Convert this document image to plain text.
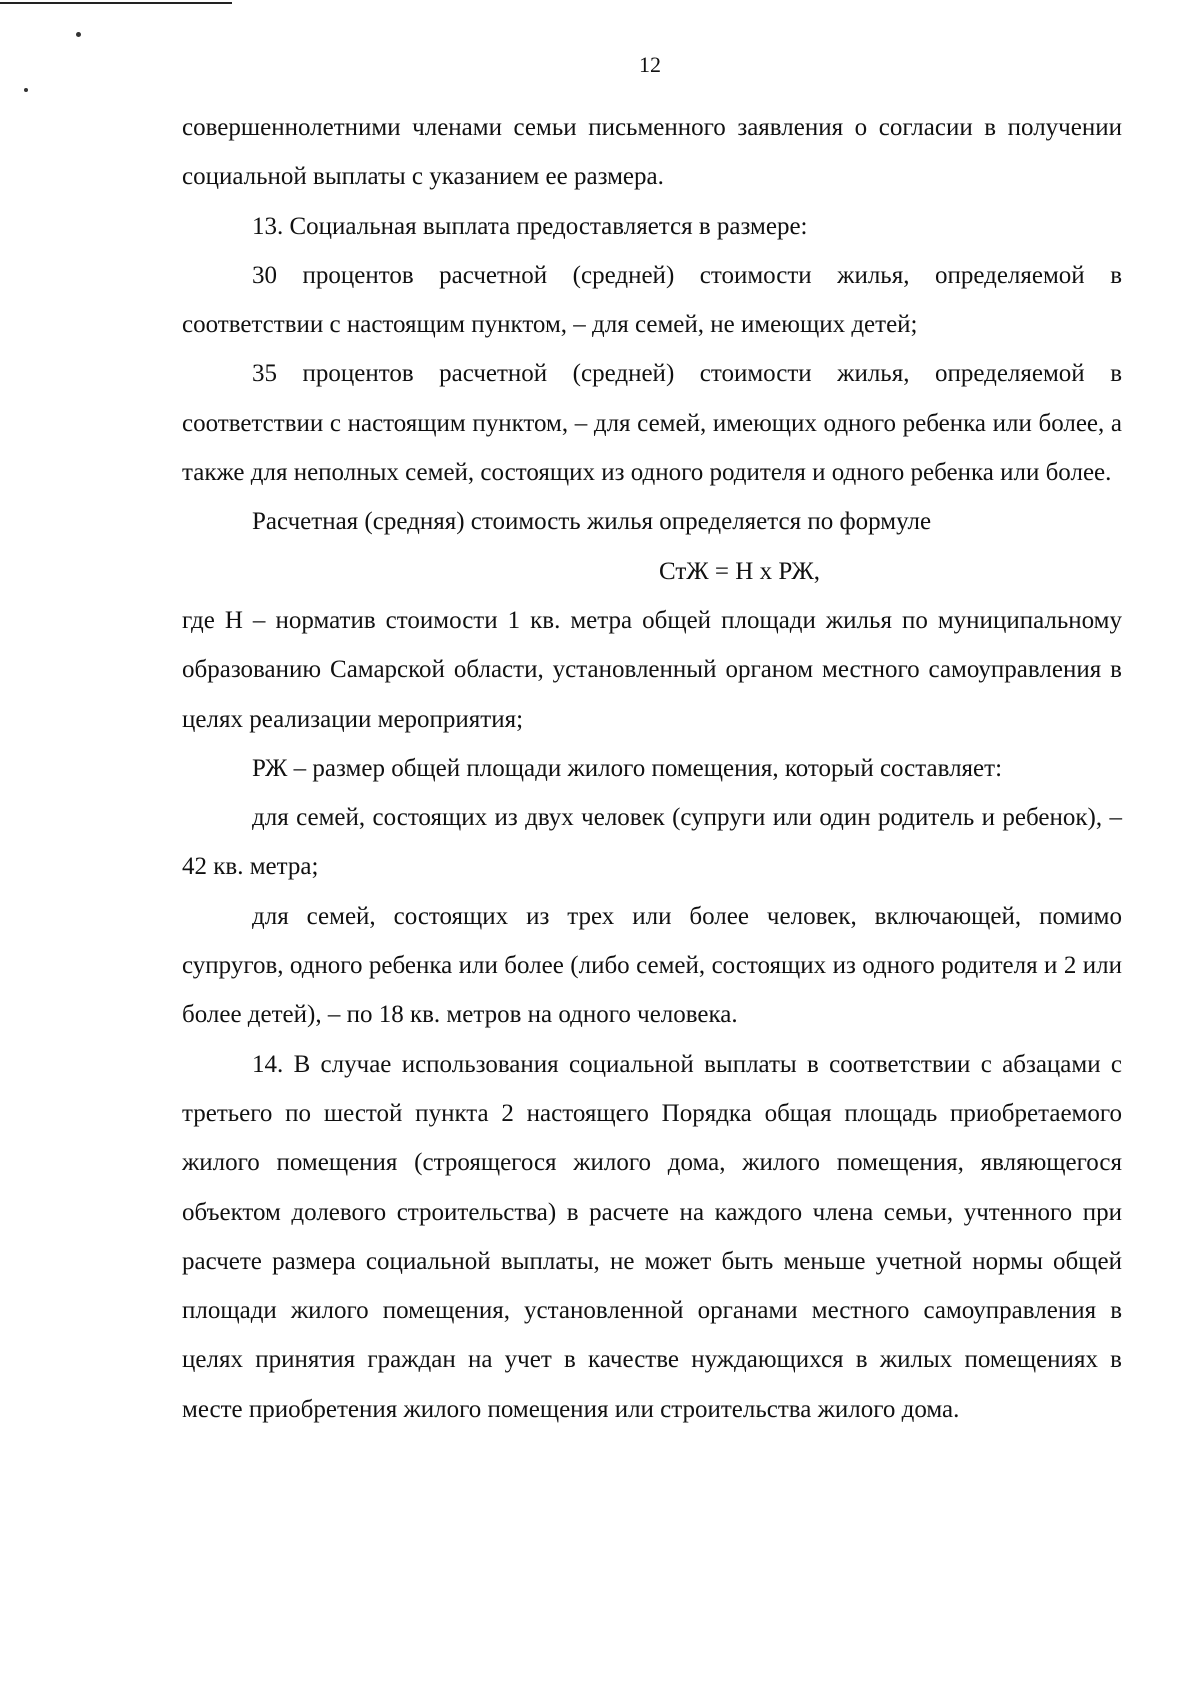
12

совершеннолетними членами семьи письменного заявления о согласии в получении социальной выплаты с указанием ее размера.

13. Социальная выплата предоставляется в размере:

30 процентов расчетной (средней) стоимости жилья, определяемой в соответствии с настоящим пунктом, – для семей, не имеющих детей;

35 процентов расчетной (средней) стоимости жилья, определяемой в соответствии с настоящим пунктом, – для семей, имеющих одного ребенка или более, а также для неполных семей, состоящих из одного родителя и одного ребенка или более.

Расчетная (средняя) стоимость жилья определяется по формуле

СтЖ = Н х РЖ,

где Н – норматив стоимости 1 кв. метра общей площади жилья по муниципальному образованию Самарской области, установленный органом местного самоуправления в целях реализации мероприятия;

РЖ – размер общей площади жилого помещения, который составляет:

для семей, состоящих из двух человек (супруги или один родитель и ребенок), – 42 кв. метра;

для семей, состоящих из трех или более человек, включающей, помимо супругов, одного ребенка или более (либо семей, состоящих из одного родителя и 2 или более детей), – по 18 кв. метров на одного человека.

14. В случае использования социальной выплаты в соответствии с абзацами с третьего по шестой пункта 2 настоящего Порядка общая площадь приобретаемого жилого помещения (строящегося жилого дома, жилого помещения, являющегося объектом долевого строительства) в расчете на каждого члена семьи, учтенного при расчете размера социальной выплаты, не может быть меньше учетной нормы общей площади жилого помещения, установленной органами местного самоуправления в целях принятия граждан на учет в качестве нуждающихся в жилых помещениях в месте приобретения жилого помещения или строительства жилого дома.
